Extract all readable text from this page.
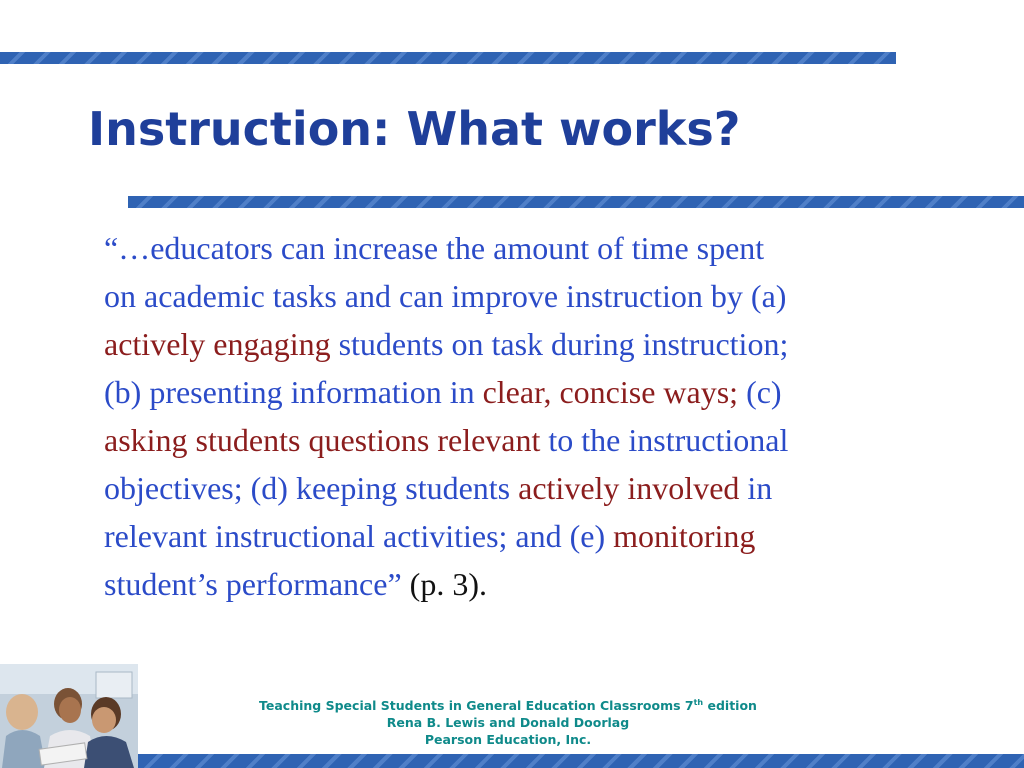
Instruction: What works?
“…educators can increase the amount of time spent
on academic tasks and can improve instruction by (a)
actively engaging students on task during instruction;
(b) presenting information in clear, concise ways; (c)
asking students questions relevant to the instructional
objectives; (d) keeping students actively involved in
relevant instructional activities; and (e) monitoring
student’s performance” (p. 3).
Teaching Special Students in General Education Classrooms 7th edition
Rena B. Lewis and Donald Doorlag
Pearson Education, Inc.
